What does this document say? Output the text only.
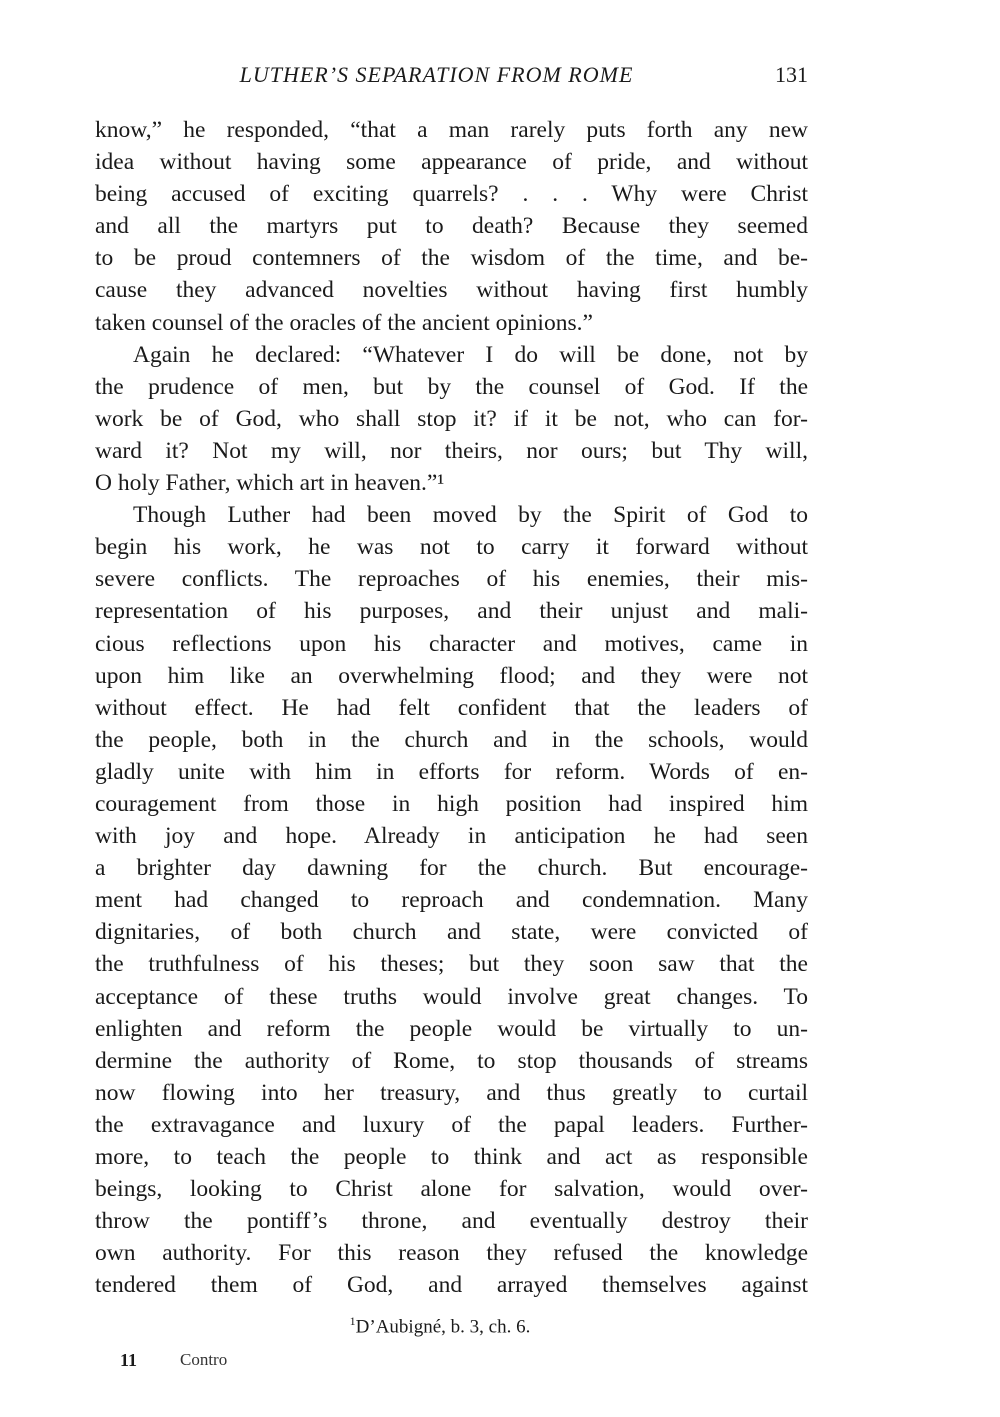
LUTHER’S SEPARATION FROM ROME	131
know,” he responded, “that a man rarely puts forth any new
idea without having some appearance of pride, and without
being accused of exciting quarrels? . . . Why were Christ
and all the martyrs put to death? Because they seemed
to be proud contemners of the wisdom of the time, and be-
cause they advanced novelties without having first humbly
taken counsel of the oracles of the ancient opinions.”
Again he declared: “Whatever I do will be done, not by
the prudence of men, but by the counsel of God. If the
work be of God, who shall stop it? if it be not, who can for-
ward it? Not my will, nor theirs, nor ours; but Thy will,
O holy Father, which art in heaven.”¹
Though Luther had been moved by the Spirit of God to
begin his work, he was not to carry it forward without
severe conflicts. The reproaches of his enemies, their mis-
representation of his purposes, and their unjust and mali-
cious reflections upon his character and motives, came in
upon him like an overwhelming flood; and they were not
without effect. He had felt confident that the leaders of
the people, both in the church and in the schools, would
gladly unite with him in efforts for reform. Words of en-
couragement from those in high position had inspired him
with joy and hope. Already in anticipation he had seen
a brighter day dawning for the church. But encourage-
ment had changed to reproach and condemnation. Many
dignitaries, of both church and state, were convicted of
the truthfulness of his theses; but they soon saw that the
acceptance of these truths would involve great changes. To
enlighten and reform the people would be virtually to un-
dermine the authority of Rome, to stop thousands of streams
now flowing into her treasury, and thus greatly to curtail
the extravagance and luxury of the papal leaders. Further-
more, to teach the people to think and act as responsible
beings, looking to Christ alone for salvation, would over-
throw the pontiff’s throne, and eventually destroy their
own authority. For this reason they refused the knowledge
tendered them of God, and arrayed themselves against
$^1$D’Aubigné, b. 3, ch. 6.
11	Contro
